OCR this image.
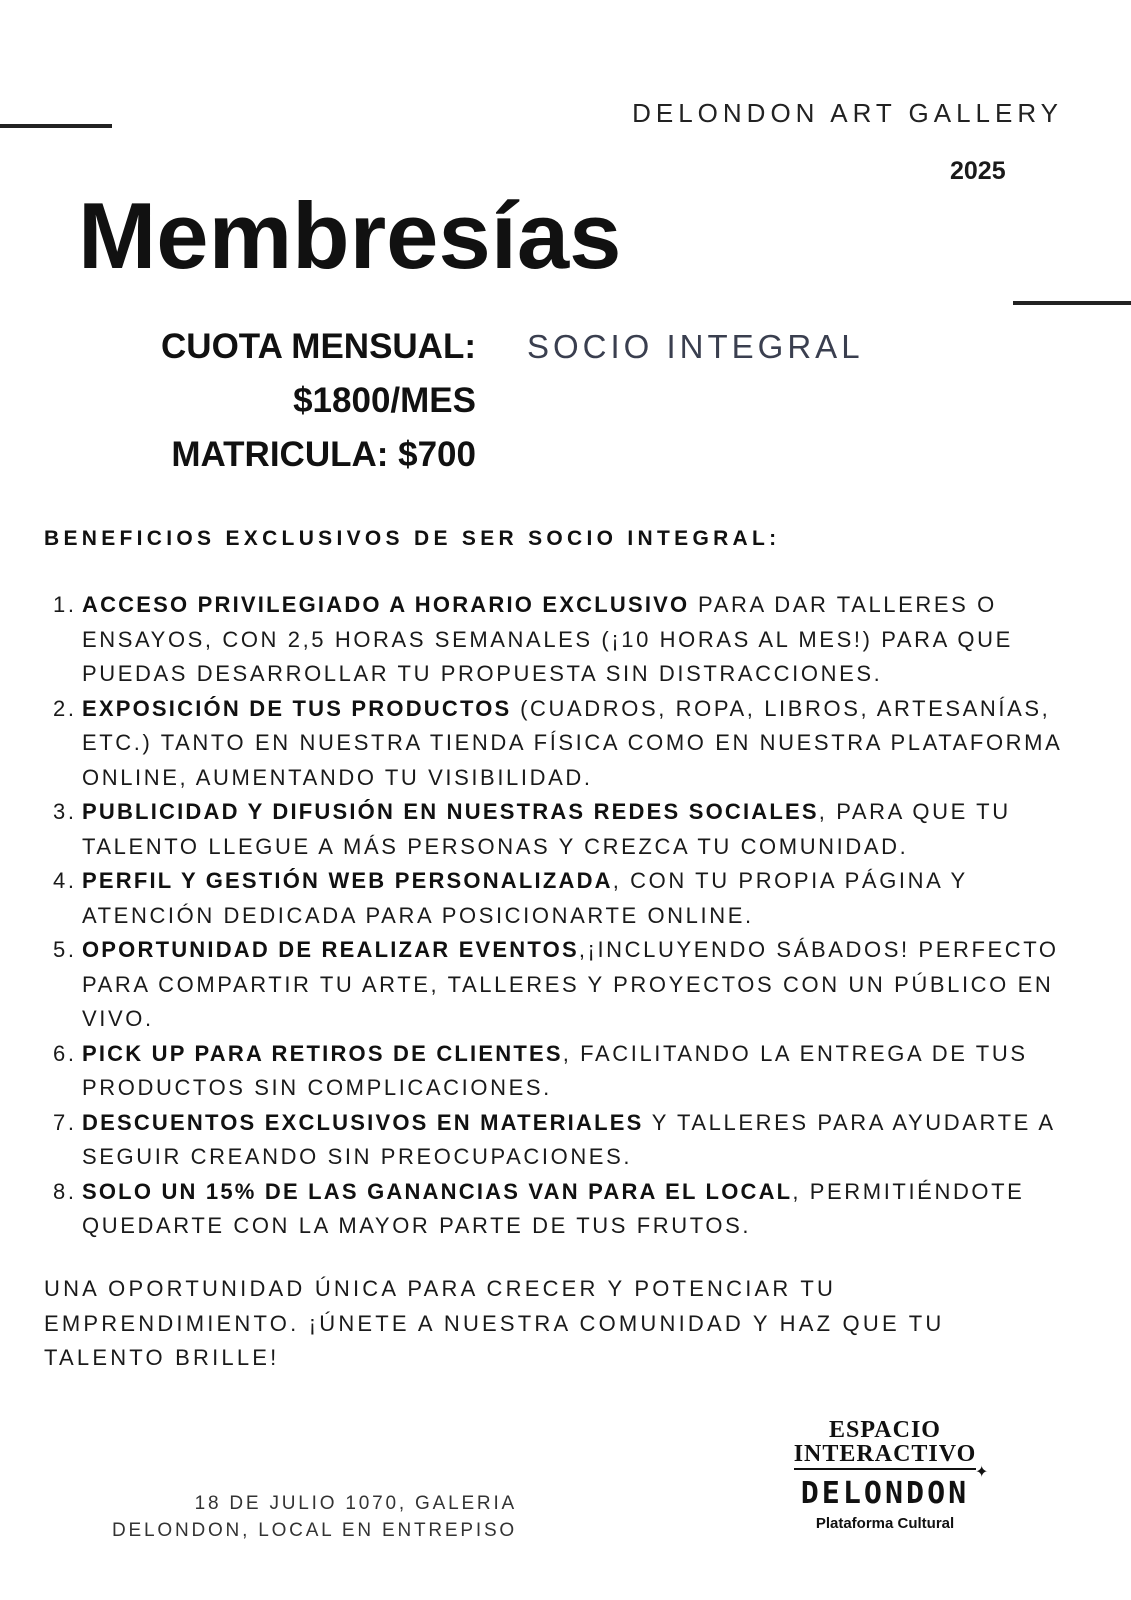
DELONDON ART GALLERY
2025
Membresías
CUOTA MENSUAL:
$1800/MES
MATRICULA: $700
SOCIO INTEGRAL
BENEFICIOS EXCLUSIVOS DE SER SOCIO INTEGRAL:
1. ACCESO PRIVILEGIADO A HORARIO EXCLUSIVO PARA DAR TALLERES O ENSAYOS, CON 2,5 HORAS SEMANALES (¡10 HORAS AL MES!) PARA QUE PUEDAS DESARROLLAR TU PROPUESTA SIN DISTRACCIONES.
2. EXPOSICIÓN DE TUS PRODUCTOS (CUADROS, ROPA, LIBROS, ARTESANÍAS, ETC.) TANTO EN NUESTRA TIENDA FÍSICA COMO EN NUESTRA PLATAFORMA ONLINE, AUMENTANDO TU VISIBILIDAD.
3. PUBLICIDAD Y DIFUSIÓN EN NUESTRAS REDES SOCIALES, PARA QUE TU TALENTO LLEGUE A MÁS PERSONAS Y CREZCA TU COMUNIDAD.
4. PERFIL Y GESTIÓN WEB PERSONALIZADA, CON TU PROPIA PÁGINA Y ATENCIÓN DEDICADA PARA POSICIONARTE ONLINE.
5. OPORTUNIDAD DE REALIZAR EVENTOS,¡INCLUYENDO SÁBADOS! PERFECTO PARA COMPARTIR TU ARTE, TALLERES Y PROYECTOS CON UN PÚBLICO EN VIVO.
6. PICK UP PARA RETIROS DE CLIENTES, FACILITANDO LA ENTREGA DE TUS PRODUCTOS SIN COMPLICACIONES.
7. DESCUENTOS EXCLUSIVOS EN MATERIALES Y TALLERES PARA AYUDARTE A SEGUIR CREANDO SIN PREOCUPACIONES.
8. SOLO UN 15% DE LAS GANANCIAS VAN PARA EL LOCAL, PERMITIÉNDOTE QUEDARTE CON LA MAYOR PARTE DE TUS FRUTOS.

UNA OPORTUNIDAD ÚNICA PARA CRECER Y POTENCIAR TU EMPRENDIMIENTO. ¡ÚNETE A NUESTRA COMUNIDAD Y HAZ QUE TU TALENTO BRILLE!

18 DE JULIO 1070, GALERIA
DELONDON, LOCAL EN ENTREPISO
ESPACIO
INTERACTIVO
✦
DELONDON
Plataforma Cultural
